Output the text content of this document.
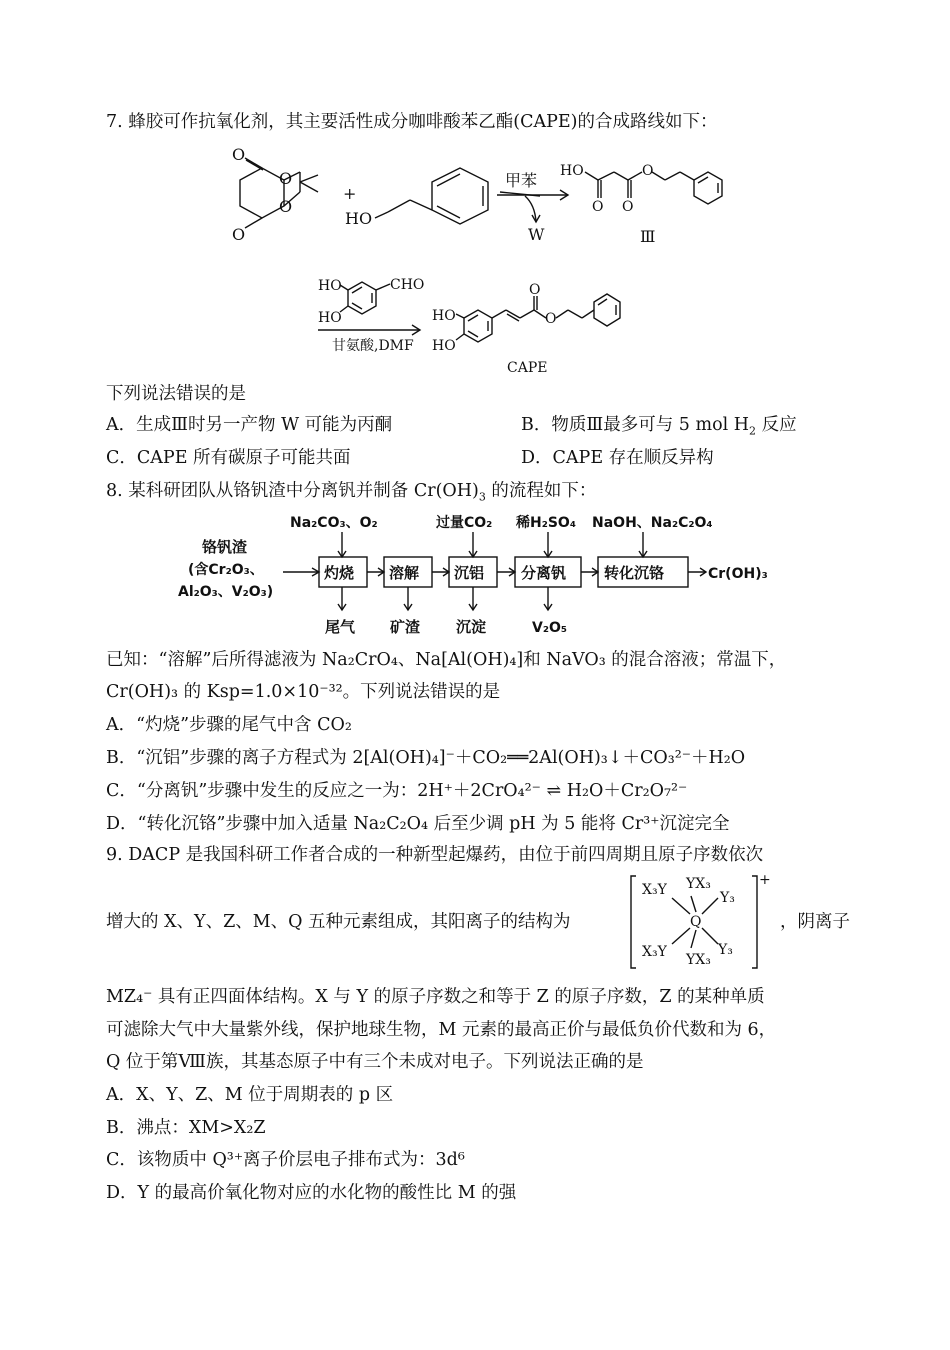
7. 蜂胶可作抗氧化剂，其主要活性成分咖啡酸苯乙酯(CAPE)的合成路线如下：
O
O
O
O
+
HO
甲苯
W
HO
O O
O
Ⅲ
HO
HO
CHO
甘氨酸,DMF
HO
HO
O
O
CAPE
下列说法错误的是
A．生成Ⅲ时另一产物 W 可能为丙酮	B．物质Ⅲ最多可与 5 mol $H_2$ 反应
C．CAPE 所有碳原子可能共面	D．CAPE 存在顺反异构
8. 某科研团队从铬钒渣中分离钒并制备 $Cr(OH)_3$ 的流程如下：
铬钒渣
(含Cr₂O₃、
Al₂O₃、V₂O₃)
灼烧 溶解 沉铝 分离钒	转化沉铬
Na₂CO₃、O₂	过量CO₂ 稀H₂SO₄ NaOH、Na₂C₂O₄
尾气 矿渣 沉淀	V₂O₅
Cr(OH)₃
已知：“溶解”后所得滤液为 Na₂CrO₄、Na[Al(OH)₄]和 NaVO₃ 的混合溶液；常温下，
Cr(OH)₃ 的 Ksp=1.0×10⁻³²。下列说法错误的是
A．“灼烧”步骤的尾气中含 CO₂
B．“沉铝”步骤的离子方程式为 2[Al(OH)₄]⁻＋CO₂══2Al(OH)₃↓＋CO₃²⁻＋H₂O
C．“分离钒”步骤中发生的反应之一为：2H⁺＋2CrO₄²⁻ ⇌ H₂O＋Cr₂O₇²⁻
D．“转化沉铬”步骤中加入适量 Na₂C₂O₄ 后至少调 pH 为 5 能将 Cr³⁺沉淀完全
9. DACP 是我国科研工作者合成的一种新型起爆药，由位于前四周期且原子序数依次
增大的 X、Y、Z、M、Q 五种元素组成，其阳离子的结构为
X₃Y YX₃
Y₃
Q
X₃Y YX₃
Y₃
+
，阴离子
MZ₄⁻ 具有正四面体结构。X 与 Y 的原子序数之和等于 Z 的原子序数，Z 的某种单质
可滤除大气中大量紫外线，保护地球生物，M 元素的最高正价与最低负价代数和为 6，
Q 位于第Ⅷ族，其基态原子中有三个未成对电子。下列说法正确的是
A．X、Y、Z、M 位于周期表的 p 区
B．沸点：XM>X₂Z
C．该物质中 Q³⁺离子价层电子排布式为：3d⁶
D．Y 的最高价氧化物对应的水化物的酸性比 M 的强
